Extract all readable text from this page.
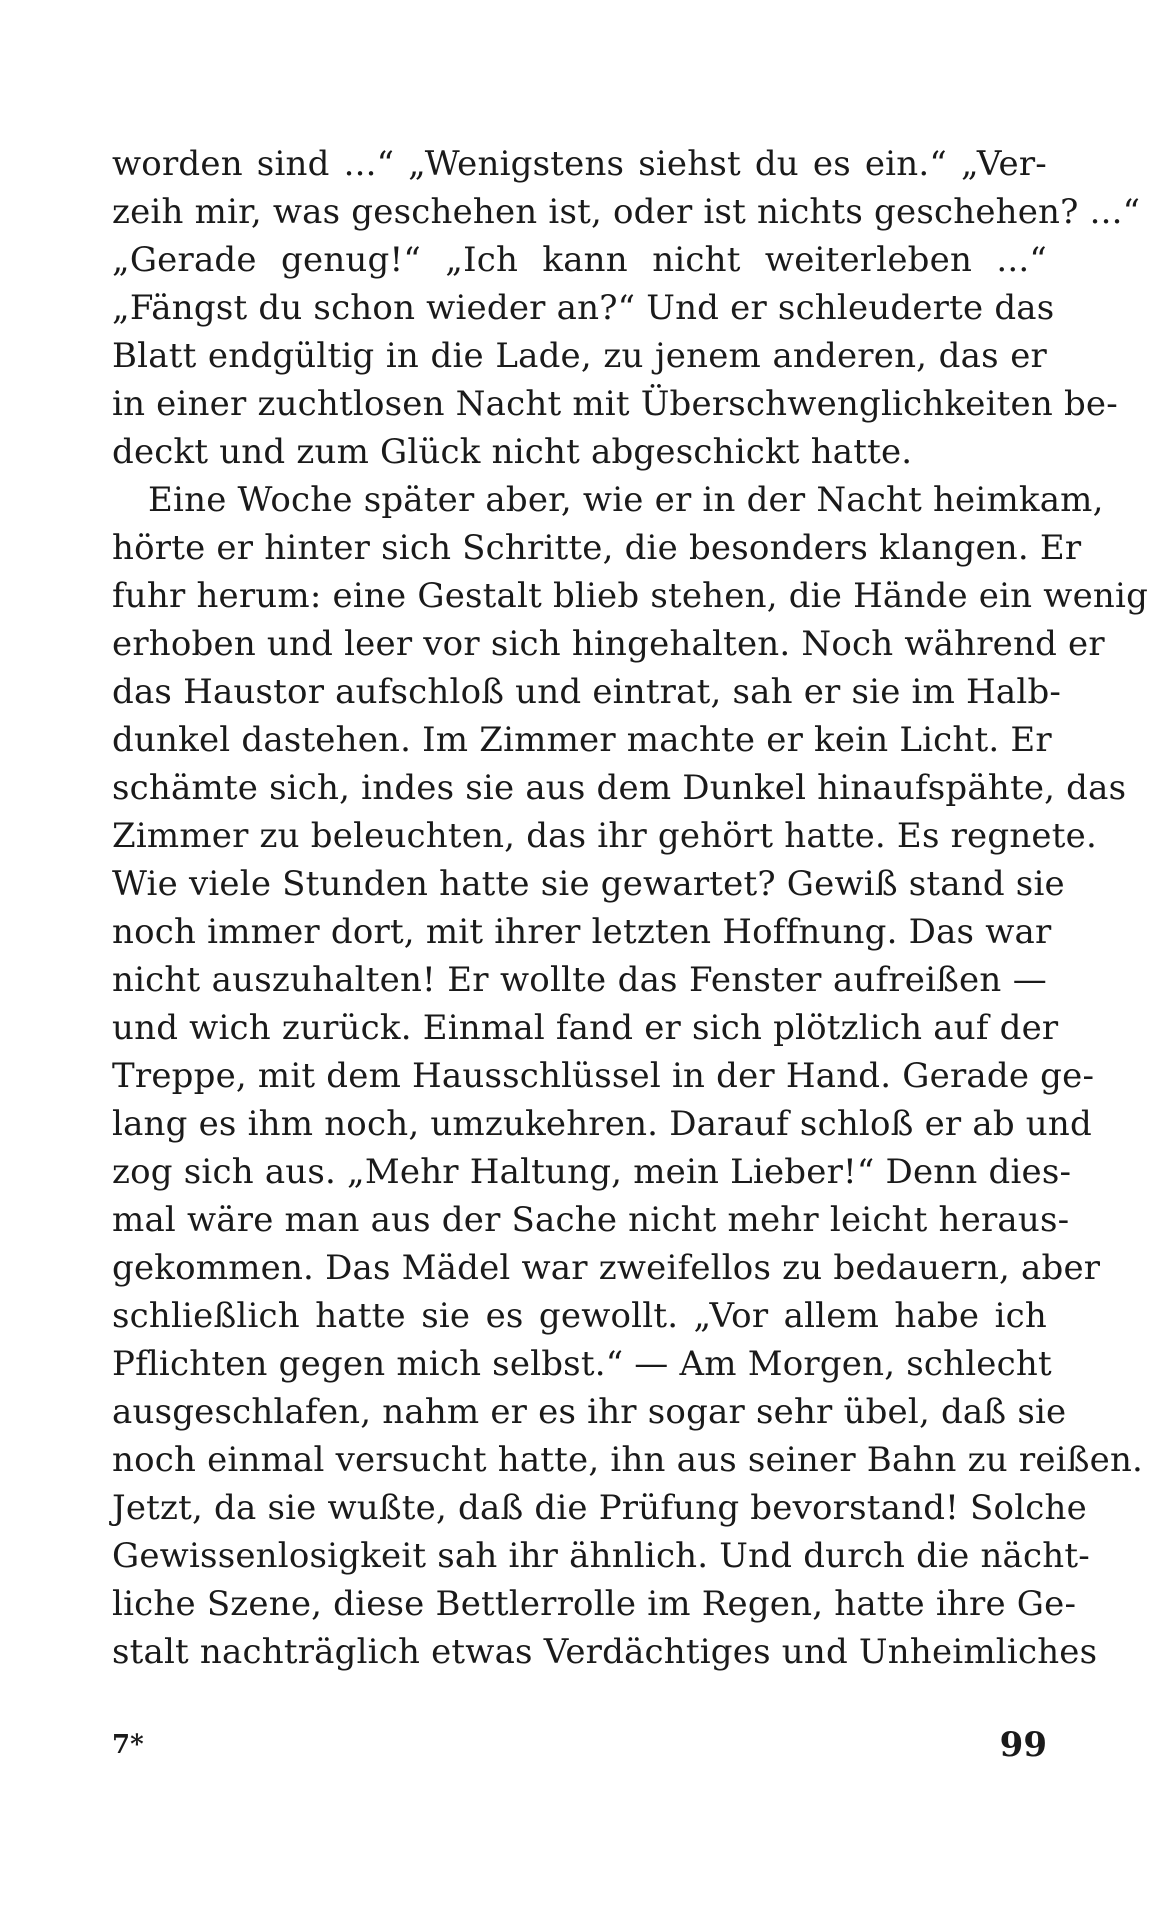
worden sind ...“ „Wenigstens siehst du es ein.“ „Ver-
zeih mir, was geschehen ist, oder ist nichts geschehen? ...“
„Gerade genug!“ „Ich kann nicht weiterleben ...“
„Fängst du schon wieder an?“ Und er schleuderte das
Blatt endgültig in die Lade, zu jenem anderen, das er
in einer zuchtlosen Nacht mit Überschwenglichkeiten be-
deckt und zum Glück nicht abgeschickt hatte.
Eine Woche später aber, wie er in der Nacht heimkam,
hörte er hinter sich Schritte, die besonders klangen. Er
fuhr herum: eine Gestalt blieb stehen, die Hände ein wenig
erhoben und leer vor sich hingehalten. Noch während er
das Haustor aufschloß und eintrat, sah er sie im Halb-
dunkel dastehen. Im Zimmer machte er kein Licht. Er
schämte sich, indes sie aus dem Dunkel hinaufspähte, das
Zimmer zu beleuchten, das ihr gehört hatte. Es regnete.
Wie viele Stunden hatte sie gewartet? Gewiß stand sie
noch immer dort, mit ihrer letzten Hoffnung. Das war
nicht auszuhalten! Er wollte das Fenster aufreißen —
und wich zurück. Einmal fand er sich plötzlich auf der
Treppe, mit dem Hausschlüssel in der Hand. Gerade ge-
lang es ihm noch, umzukehren. Darauf schloß er ab und
zog sich aus. „Mehr Haltung, mein Lieber!“ Denn dies-
mal wäre man aus der Sache nicht mehr leicht heraus-
gekommen. Das Mädel war zweifellos zu bedauern, aber
schließlich hatte sie es gewollt. „Vor allem habe ich
Pflichten gegen mich selbst.“ — Am Morgen, schlecht
ausgeschlafen, nahm er es ihr sogar sehr übel, daß sie
noch einmal versucht hatte, ihn aus seiner Bahn zu reißen.
Jetzt, da sie wußte, daß die Prüfung bevorstand! Solche
Gewissenlosigkeit sah ihr ähnlich. Und durch die nächt-
liche Szene, diese Bettlerrolle im Regen, hatte ihre Ge-
stalt nachträglich etwas Verdächtiges und Unheimliches
7*	99
